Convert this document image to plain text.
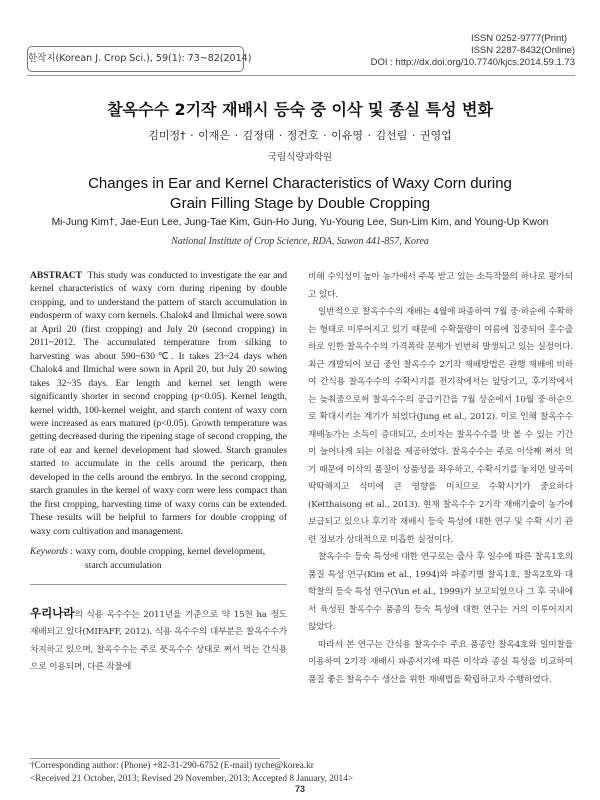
한작지(Korean J. Crop Sci.), 59(1): 73~82(2014)
ISSN 0252-9777(Print)
ISSN 2287-8432(Online)
DOI : http://dx.doi.org/10.7740/kjcs.2014.59.1.73
찰옥수수 2기작 재배시 등숙 중 이삭 및 종실 특성 변화
김미정† · 이재은 · 김정태 · 정건호 · 이유영 · 김선림 · 권영업
국립식량과학원
Changes in Ear and Kernel Characteristics of Waxy Corn during
Grain Filling Stage by Double Cropping
Mi-Jung Kim†, Jae-Eun Lee, Jung-Tae Kim, Gun-Ho Jung, Yu-Young Lee, Sun-Lim Kim, and Young-Up Kwon
National Institute of Crop Science, RDA, Suwon 441-857, Korea
ABSTRACT This study was conducted to investigate the ear and kernel characteristics of waxy corn during ripening by double cropping, and to understand the pattern of starch accumulation in endosperm of waxy corn kernels. Chalok4 and Ilmichal were sown at April 20 (first cropping) and July 20 (second cropping) in 2011~2012. The accumulated temperature from silking to harvesting was about 590~630℃. It takes 23~24 days when Chalok4 and Ilmichal were sown in April 20, but July 20 sowing takes 32~35 days. Ear length and kernel set length were significantly shorter in second cropping (p<0.05). Kernel length, kernel width, 100-kernel weight, and starch content of waxy corn were increased as ears matured (p<0.05). Growth temperature was getting decreased during the ripening stage of second cropping, the rate of ear and kernel development had slowed. Starch granules started to accumulate in the cells around the pericarp, then developed in the cells around the embryo. In the second cropping, starch granules in the kernel of waxy corn were less compact than the first cropping, harvesting time of waxy corns can be extended. These results will be helpful to farmers for double cropping of waxy corn cultivation and management.
Keywords : waxy corn, double cropping, kernel development, starch accumulation

우리나라의 식용 옥수수는 2011년을 기준으로 약 15천 ha 정도 재배되고 있다(MIFAFF, 2012). 식용 옥수수의 대부분은 찰옥수수가 차지하고 있으며, 찰옥수수는 주로 풋옥수수 상태로 쪄서 먹는 간식용으로 이용되며, 다른 작물에

비해 수익성이 높아 농가에서 주목 받고 있는 소득작물의 하나로 평가되고 있다.

일반적으로 찰옥수수의 재배는 4월에 파종하여 7월 중·하순에 수확하는 형태로 이루어지고 있기 때문에 수확물량이 여름에 집중되어 홍수출하로 인한 찰옥수수의 가격폭락 문제가 빈번히 발생되고 있는 실정이다. 최근 개발되어 보급 중인 찰옥수수 2기작 재배방법은 관행 재배에 비하여 간식용 찰옥수수의 수확시기를 전기작에서는 앞당기고, 후기작에서는 늦춰줌으로써 찰옥수수의 공급기간을 7월 상순에서 10월 중·하순으로 확대시키는 계기가 되었다(Jung et al., 2012). 이로 인해 찰옥수수 재배농가는 소득이 증대되고, 소비자는 찰옥수수를 맛 볼 수 있는 기간이 늘어나게 되는 이점을 제공하였다. 찰옥수수는 주로 이삭째 쪄서 먹기 때문에 이삭의 품질이 상품성을 좌우하고, 수확시기를 놓치면 알곡이 딱딱해지고 식미에 큰 영향을 미치므로 수확시기가 중요하다(Ketthaisong et al., 2013). 현재 찰옥수수 2기작 재배기술이 농가에 보급되고 있으나 후기작 재배시 등숙 특성에 대한 연구 및 수확 시기 관련 정보가 상대적으로 미흡한 실정이다.

찰옥수수 등숙 특성에 대한 연구로는 출사 후 일수에 따른 찰옥1호의 품질 특성 연구(Kim et al., 1994)와 파종기별 찰옥1호, 찰옥2호와 대학찰의 등숙 특성 연구(Yun et al., 1999)가 보고되었으나 그 후 국내에서 육성된 찰옥수수 품종의 등숙 특성에 대한 연구는 거의 이루어지지 않았다.

따라서 본 연구는 간식용 찰옥수수 주요 품종인 찰옥4호와 일미찰을 이용하여 2기작 재배시 파종시기에 따른 이삭과 종실 특성을 비교하여 품질 좋은 찰옥수수 생산을 위한 재배법을 확립하고자 수행하였다.

†Corresponding author: (Phone) +82-31-290-6752 (E-mail) tyche@korea.kr
<Received 21 October, 2013; Revised 29 November, 2013; Accepted 8 January, 2014>
73
